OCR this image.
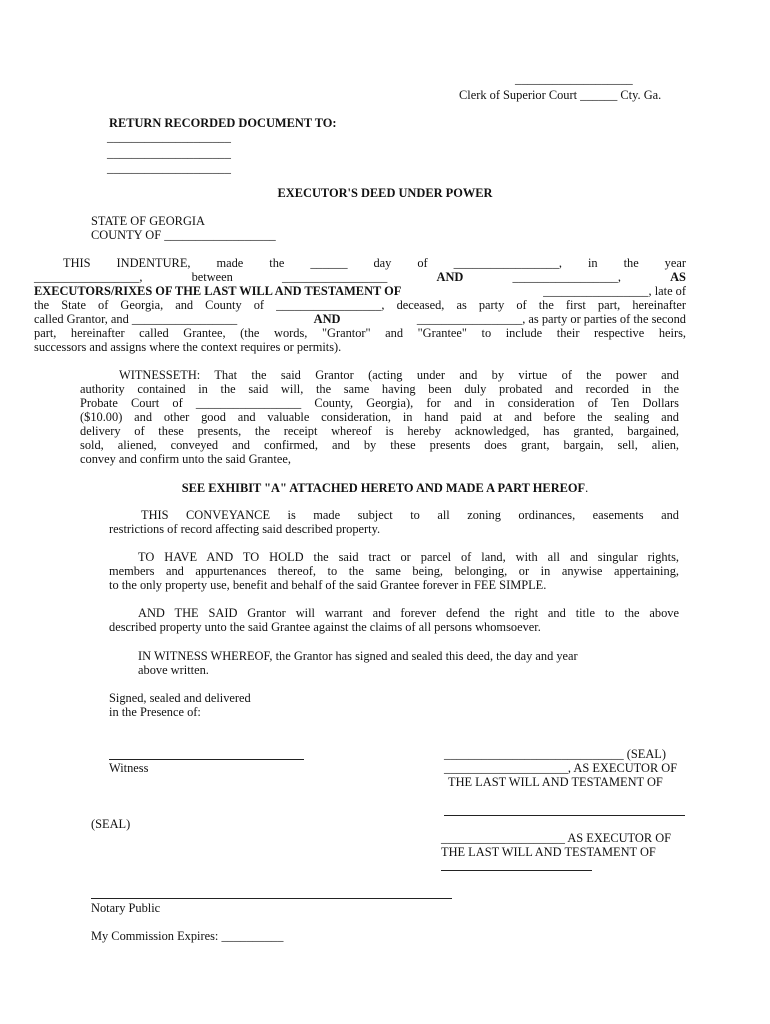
___________________
Clerk of Superior Court ______ Cty. Ga.
RETURN RECORDED DOCUMENT TO:
____________________
____________________
____________________
EXECUTOR'S DEED UNDER POWER
STATE OF GEORGIA
COUNTY OF __________________
THIS INDENTURE, made the ______ day of _________________, in the year
_________________,	between	_________________	AND	_________________,	AS
EXECUTORS/RIXES OF THE LAST WILL AND TESTAMENT OF	_________________, late of
the State of Georgia, and County of _________________, deceased, as party of the first part, hereinafter
called Grantor, and _________________	AND	_________________, as party or parties of the second
part, hereinafter called Grantee, (the words, "Grantor" and "Grantee" to include their respective heirs,
successors and assigns where the context requires or permits).
WITNESSETH: That the said Grantor (acting under and by virtue of the power and
authority contained in the said will, the same having been duly probated and recorded in the
Probate Court of _________________ County, Georgia), for and in consideration of Ten Dollars
($10.00) and other good and valuable consideration, in hand paid at and before the sealing and
delivery of these presents, the receipt whereof is hereby acknowledged, has granted, bargained,
sold, aliened, conveyed and confirmed, and by these presents does grant, bargain, sell, alien,
convey and confirm unto the said Grantee,
SEE EXHIBIT "A" ATTACHED HERETO AND MADE A PART HEREOF.
THIS CONVEYANCE is made subject to all zoning ordinances, easements and
restrictions of record affecting said described property.
TO HAVE AND TO HOLD the said tract or parcel of land, with all and singular rights,
members and appurtenances thereof, to the same being, belonging, or in anywise appertaining,
to the only property use, benefit and behalf of the said Grantee forever in FEE SIMPLE.
AND THE SAID Grantor will warrant and forever defend the right and title to the above
described property unto the said Grantee against the claims of all persons whomsoever.
IN WITNESS WHEREOF, the Grantor has signed and sealed this deed, the day and year
above written.
Signed, sealed and delivered
in the Presence of:
Witness
_____________________________ (SEAL)
____________________, AS EXECUTOR OF
THE LAST WILL AND TESTAMENT OF
(SEAL)
____________________ AS EXECUTOR OF
THE LAST WILL AND TESTAMENT OF
Notary Public
My Commission Expires: __________
